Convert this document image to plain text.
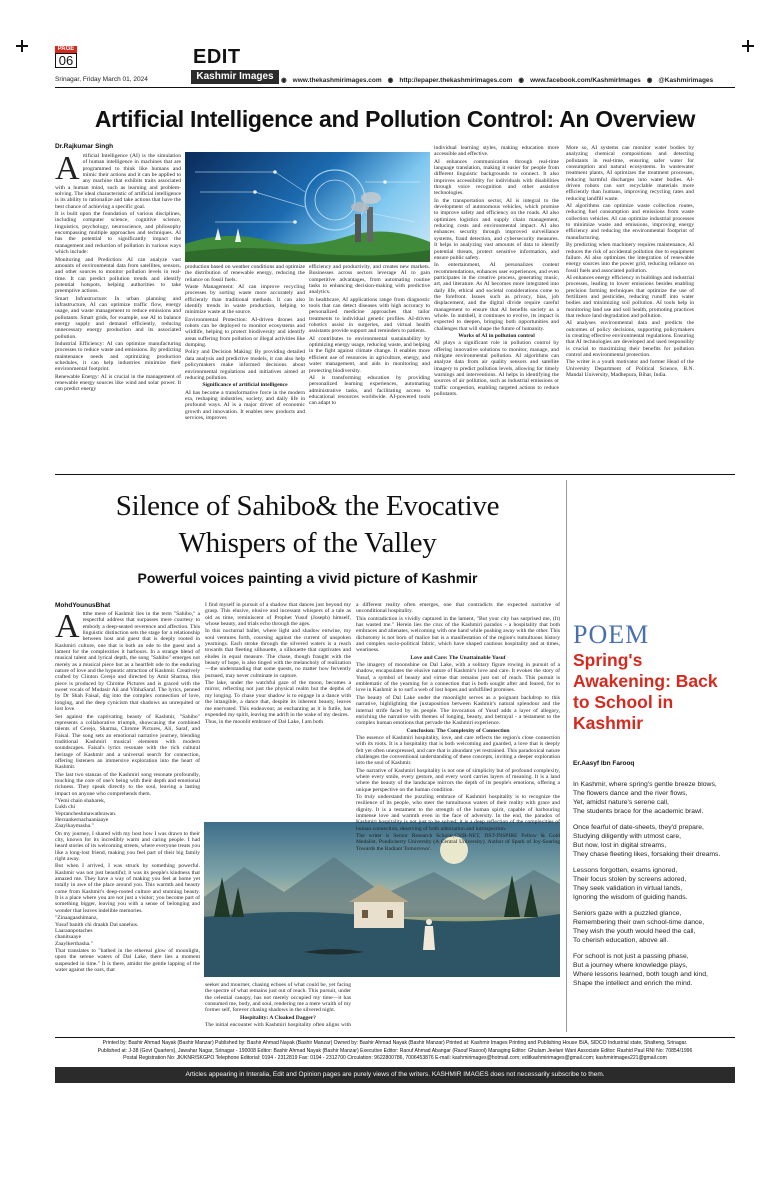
PAGE
06	EDIT
Kashmir Images
Srinagar, Friday March 01, 2024	◉ www.thekashmirimages.com ◉ http://epaper.thekashmirimages.com ◉ www.facebook.com/KashmirImages ◉ @Kashmirimages
Artificial Intelligence and Pollution Control: An Overview
Dr.Rajkumar Singh
A rtificial Intelligence (AI) is the simulation of human intelligence in machines that are programmed to think like humans and mimic their actions and it can be applied to any machine that exhibits traits associated with a human mind, such as learning and problem-solving. The ideal characteristic of artificial intelligence is its ability to rationalize and take actions that have the best chance of achieving a specific goal.

It is built upon the foundation of various disciplines, including computer science, cognitive science, linguistics, psychology, neuroscience, and philosophy encompassing multiple approaches and techniques. AI has the potential to significantly impact the management and reduction of pollution in various ways which include:

Monitoring and Prediction: AI can analyze vast amounts of environmental data from satellites, sensors, and other sources to monitor pollution levels in real-time. It can predict pollution trends and identify potential hotspots, helping authorities to take preemptive actions.

Smart Infrastructure: In urban planning and infrastructure, AI can optimize traffic flow, energy usage, and waste management to reduce emissions and pollutants. Smart grids, for example, use AI to balance energy supply and demand efficiently, reducing unnecessary energy production and its associated pollution.

Industrial Efficiency: AI can optimize manufacturing processes to reduce waste and emissions. By predicting maintenance needs and optimizing production schedules, it can help industries minimize their environmental footprint.

Renewable Energy: AI is crucial in the management of renewable energy sources like wind and solar power. It can predict energy

production based on weather conditions and optimize the distribution of renewable energy, reducing the reliance on fossil fuels.

Waste Management: AI can improve recycling processes by sorting waste more accurately and efficiently than traditional methods. It can also identify trends in waste production, helping to minimize waste at the source.

Environmental Protection: AI-driven drones and robots can be deployed to monitor ecosystems and wildlife, helping to protect biodiversity and identify areas suffering from pollution or illegal activities like dumping.

Policy and Decision Making: By providing detailed data analysis and predictive models, it can also help policymakers make informed decisions about environmental regulations and initiatives aimed at reducing pollution.

Significance of artificial intelligence

AI has become a transformative force in the modern era, reshaping industries, society, and daily life in profound ways. AI is a major driver of economic growth and innovation. It enables new products and services, improves

efficiency and productivity, and creates new markets. Businesses across sectors leverage AI to gain competitive advantages, from automating routine tasks to enhancing decision-making with predictive analytics.

In healthcare, AI applications range from diagnostic tools that can detect diseases with high accuracy to personalized medicine approaches that tailor treatments to individual genetic profiles. AI-driven robotics assist in surgeries, and virtual health assistants provide support and reminders to patients.

AI contributes to environmental sustainability by optimizing energy usage, reducing waste, and helping in the fight against climate change. It enables more efficient use of resources in agriculture, energy, and water management, and aids in monitoring and protecting biodiversity.

AI is transforming education by providing personalized learning experiences, automating administrative tasks, and facilitating access to educational resources worldwide. AI-powered tools can adapt to

individual learning styles, making education more accessible and effective.

AI enhances communication through real-time language translation, making it easier for people from different linguistic backgrounds to connect. It also improves accessibility for individuals with disabilities through voice recognition and other assistive technologies.

In the transportation sector, AI is integral to the development of autonomous vehicles, which promise to improve safety and efficiency on the roads. AI also optimizes logistics and supply chain management, reducing costs and environmental impact. AI also enhances security through improved surveillance systems, fraud detection, and cybersecurity measures. It helps in analyzing vast amounts of data to identify potential threats, protect sensitive information, and ensure public safety.

In entertainment, AI personalizes content recommendations, enhances user experiences, and even participates in the creative process, generating music, art, and literature. As AI becomes more integrated into daily life, ethical and societal considerations come to the forefront. Issues such as privacy, bias, job displacement, and the digital divide require careful management to ensure that AI benefits society as a whole. In nutshell, it continues to evolve, its impact is expected to deepen, bringing both opportunities and challenges that will shape the future of humanity.

Works of AI in pollution control

AI plays a significant role in pollution control by offering innovative solutions to monitor, manage, and mitigate environmental pollution. AI algorithms can analyze data from air quality sensors and satellite imagery to predict pollution levels, allowing for timely warnings and interventions. AI helps in identifying the sources of air pollution, such as industrial emissions or traffic congestion, enabling targeted actions to reduce pollutants.

More so, AI systems can monitor water bodies by analyzing chemical compositions and detecting pollutants in real-time, ensuring safer water for consumption and natural ecosystems. In wastewater treatment plants, AI optimizes the treatment processes, reducing harmful discharges into water bodies. AI-driven robots can sort recyclable materials more efficiently than humans, improving recycling rates and reducing landfill waste.

AI algorithms can optimize waste collection routes, reducing fuel consumption and emissions from waste collection vehicles. AI can optimize industrial processes to minimize waste and emissions, improving energy efficiency and reducing the environmental footprint of manufacturing.

By predicting when machinery requires maintenance, AI reduces the risk of accidental pollution due to equipment failure. AI also optimizes the integration of renewable energy sources into the power grid, reducing reliance on fossil fuels and associated pollution.

AI enhances energy efficiency in buildings and industrial processes, leading to lower emissions besides enabling precision farming techniques that optimize the use of fertilizers and pesticides, reducing runoff into water bodies and minimizing soil pollution. AI tools help in monitoring land use and soil health, promoting practices that reduce land degradation and pollution.

AI analyses environmental data and predicts the outcomes of policy decisions, supporting policymakers in creating effective environmental regulations. Ensuring that AI technologies are developed and used responsibly is crucial to maximizing their benefits for pollution control and environmental protection.

The writer is a youth motivator and former Head of the University Department of Political Science, B.N. Mandal University, Madhepura, Bihar, India.

Silence of Sahibo& the Evocative
Whispers of the Valley
Powerful voices painting a vivid picture of Kashmir
MohdYounusBhat
A ttthe mere of Kashmir lies in the term "Sahibo," a respectful address that surpasses mere courtesy to embody a deep-seated reverence and affection. This linguistic distinction sets the stage for a relationship between host and guest that is deeply rooted in Kashmiri culture, one that is both an ode to the guest and a lament for the complexities it harbours. In a strange blend of musical talent and lyrical depth, the song "Sahibo" emerges not merely as a musical piece but as a heartfelt ode to the enduring nature of love and the hypnotic attraction of Kashmir. Creatively crafted by Clinton Cerejo and directed by Amit Sharma, this piece is produced by Chrome Pictures and is graced with the sweet vocals of Mudasir Ali and VibhaSaraf. The lyrics, penned by Dr Shah Faisal, dig into the complex connection of love, longing, and the deep cynicism that shadows an unrequited or lost love.

Set against the captivating beauty of Kashmir, "Sahibo" represents a collaborative triumph, showcasing the combined talents of Cerejo, Sharma, Chrome Pictures, Ali, Saraf, and Faisal. The song sets an emotional narrative journey, blending traditional Kashmiri musical elements with modern soundscapes. Faisal's lyrics resonate with the rich cultural heritage of Kashmir and a universal search for connection, offering listeners an immersive exploration into the heart of Kashmir.

The last two stanzas of the Kashmiri song resonate profoundly, touching the core of one's being with their depth and emotional richness. They speak directly to the soul, leaving a lasting impact on anyone who comprehends them.

"Yemi chain shaharek,

Lukh chi

Veprancheshmawathrawan.

Herzankernachaaniaaye

Zaaylkaymasha."

On my journey, I shared with my host how I was drawn to their city, known for its incredibly warm and caring people. I had heard stories of its welcoming streets, where everyone treats you like a long-lost friend, making you feel part of their big family right away.

But when I arrived, I was struck by something powerful. Kashmir was not just beautiful; it was its people's kindness that amazed me. They have a way of making you feel at home yet totally in awe of the place around you. This warmth and beauty come from Kashmir's deep-rooted culture and stunning beauty. It is a place where you are not just a visitor; you become part of something bigger, leaving you with a sense of belonging and wonder that leaves indelible memories.

"Zinaagaashimanz,

Yusuf banith chi draakh Dal sanehus.

Laaraanpotaches

chanitsaaye

Zaaylkerthasha."

That translates to "bathed in the ethereal glow of moonlight, upon the serene waters of Dal Lake, there lies a moment suspended in time." It is there, amidst the gentle lapping of the water against the oars, that

I find myself in pursuit of a shadow that dances just beyond my grasp. This elusive, elusive and incessant whispers of a tale as old as time, reminiscent of Prophet Yusuf (Joseph) himself, whose beauty, and trials echo through the ages.

In this nocturnal ballet, where light and shadow entwine, my soul ventures forth, coursing against the current of unspoken yearnings. Each stroke through the silvered waters is a reach towards that fleeting silhouette, a silhouette that captivates and eludes in equal measure. The chase, though fraught with the beauty of hope, is also tinged with the melancholy of realization—the understanding that some quests, no matter how fervently pursued, may never culminate in capture.

The lake, under the watchful gaze of the moon, becomes a mirror, reflecting not just the physical realm but the depths of my longing. To chase your shadow is to engage in a dance with the intangible, a dance that, despite its inherent beauty, leaves me enervated. This endeavour, as enchanting as it is futile, has expended my spirit, leaving me adrift in the wake of my desires.

Thus, in the moonlit embrace of Dal Lake, I am both

seeker and mourner, chasing echoes of what could be, yet facing the spectre of what remains just out of reach. This pursuit, under the celestial canopy, has not merely occupied my time—it has consumed me, body, and soul, rendering me a mere wraith of my former self, forever chasing shadows in the silvered night.

Hospitality: A Cloaked Dagger?

The initial encounter with Kashmiri hospitality often aligns with

a different reality often emerges, one that contradicts the expected narrative of unconditional hospitality.

This contradiction is vividly captured in the lament, "But your city has surprised me, (It) has wasted me." Herein lies the crux of the Kashmiri paradox - a hospitality that both embraces and alienates, welcoming with one hand while pushing away with the other. This dichotomy is not born of malice but is a manifestation of the region's tumultuous history and complex socio-political fabric, which have shaped cautious hospitality and at times, weariness.

Love and Care: The Unattainable Yusuf

The imagery of moonshine on Dal Lake, with a solitary figure rowing in pursuit of a shadow, encapsulates the elusive nature of Kashmir's love and care. It evokes the story of Yusuf, a symbol of beauty and virtue that remains just out of reach. This pursuit is emblematic of the yearning for a connection that is both sought after and feared, for to love in Kashmir is to surf a web of lost hopes and unfulfilled promises.

The beauty of Dal Lake under the moonlight serves as a poignant backdrop to this narrative, highlighting the juxtaposition between Kashmir's natural splendour and the internal strife faced by its people. The invocation of Yusuf adds a layer of allegory, enriching the narrative with themes of longing, beauty, and betrayal - a testament to the complex human emotions that pervade the Kashmiri experience.

Conclusion: The Complexity of Connection

The essence of Kashmiri hospitality, love, and care reflects the region's close connection with its roots. It is a hospitality that is both welcoming and guarded, a love that is deeply felt yet often unexpressed, and care that is abundant yet restrained. This paradoxical nature challenges the conventional understanding of these concepts, inviting a deeper exploration into the soul of Kashmir.

The narrative of Kashmiri hospitality is not one of simplicity but of profound complexity, where every smile, every gesture, and every word carries layers of meaning. It is a land where the beauty of the landscape mirrors the depth of its people's emotions, offering a unique perspective on the human condition.

To truly understand the puzzling embrace of Kashmiri hospitality is to recognize the resilience of its people, who steer the tumultuous waters of their reality with grace and dignity. It is a testament to the strength of the human spirit, capable of harbouring immense love and warmth even in the face of adversity. In the end, the paradox of Kashmiri hospitality is not just to be solved; it is a deep reflection of the complexities of human connection, deserving of both admiration and introspection.

The writer is Senior Research Scholar,CSIR-NET, DST-INSPIRE Fellow & Gold Medalist, Pondicherry University (A Central University). Author of Spark of Joy-Soaring Towards the Radiant Tomorrows'.

POEM
Spring's Awakening: Back to School in Kashmir
Er.Aasyf Ibn Farooq

In Kashmir, where spring's gentle breeze blows,

The flowers dance and the river flows,

Yet, amidst nature's serene call,

The students brace for the academic brawl.

Once fearful of date-sheets, they'd prepare,

Studying diligently with utmost care,

But now, lost in digital streams,

They chase fleeting likes, forsaking their dreams.

Lessons forgotten, exams ignored,

Their focus stolen by screens adored,

They seek validation in virtual lands,

Ignoring the wisdom of guiding hands.

Seniors gaze with a puzzled glance,

Remembering their own school-time dance,

They wish the youth would heed the call,

To cherish education, above all.

For school is not just a passing phase,

But a journey where knowledge plays,

Where lessons learned, both tough and kind,

Shape the intellect and enrich the mind.

Printed by: Bashir Ahmad Nayak (Bashir Manzar) Published by: Bashir Ahmad Nayak (Bashir Manzar) Owned by: Bashir Ahmad Nayak (Bashir Manzar) Printed at: Kashmir Images Printing and Publishing House I5/A, SIDCO Industrial state, Shalteng, Srinagar.
Published at: J-38 (Govt Quarters), Jawahar Nagar, Srinagar - 190008 Editor: Bashir Ahmad Nayak (Bashir Manzar) Executive Editor: Raouf Ahmad Abangar (Raouf Rasool) Managing Editor: Ghulam Jeelani Wani Associate Editor: Rashid Paul RNI No: 70854/1996
Postal Registration No: JK/KNR/SKGPO Telephone Editorial: 0194 - 2312819 Fax: 0194 - 2312700 Circulation: 9622800786, 7006453876 E-mail: kashmirimages@hotmail.com; editkashmirimages@gmail.com; kashmirimages221@gmail.com
Articles appearing in Interalia, Edit and Opinion pages are purely views of the writers. KASHMIR IMAGES does not necessarily subscribe to them.
